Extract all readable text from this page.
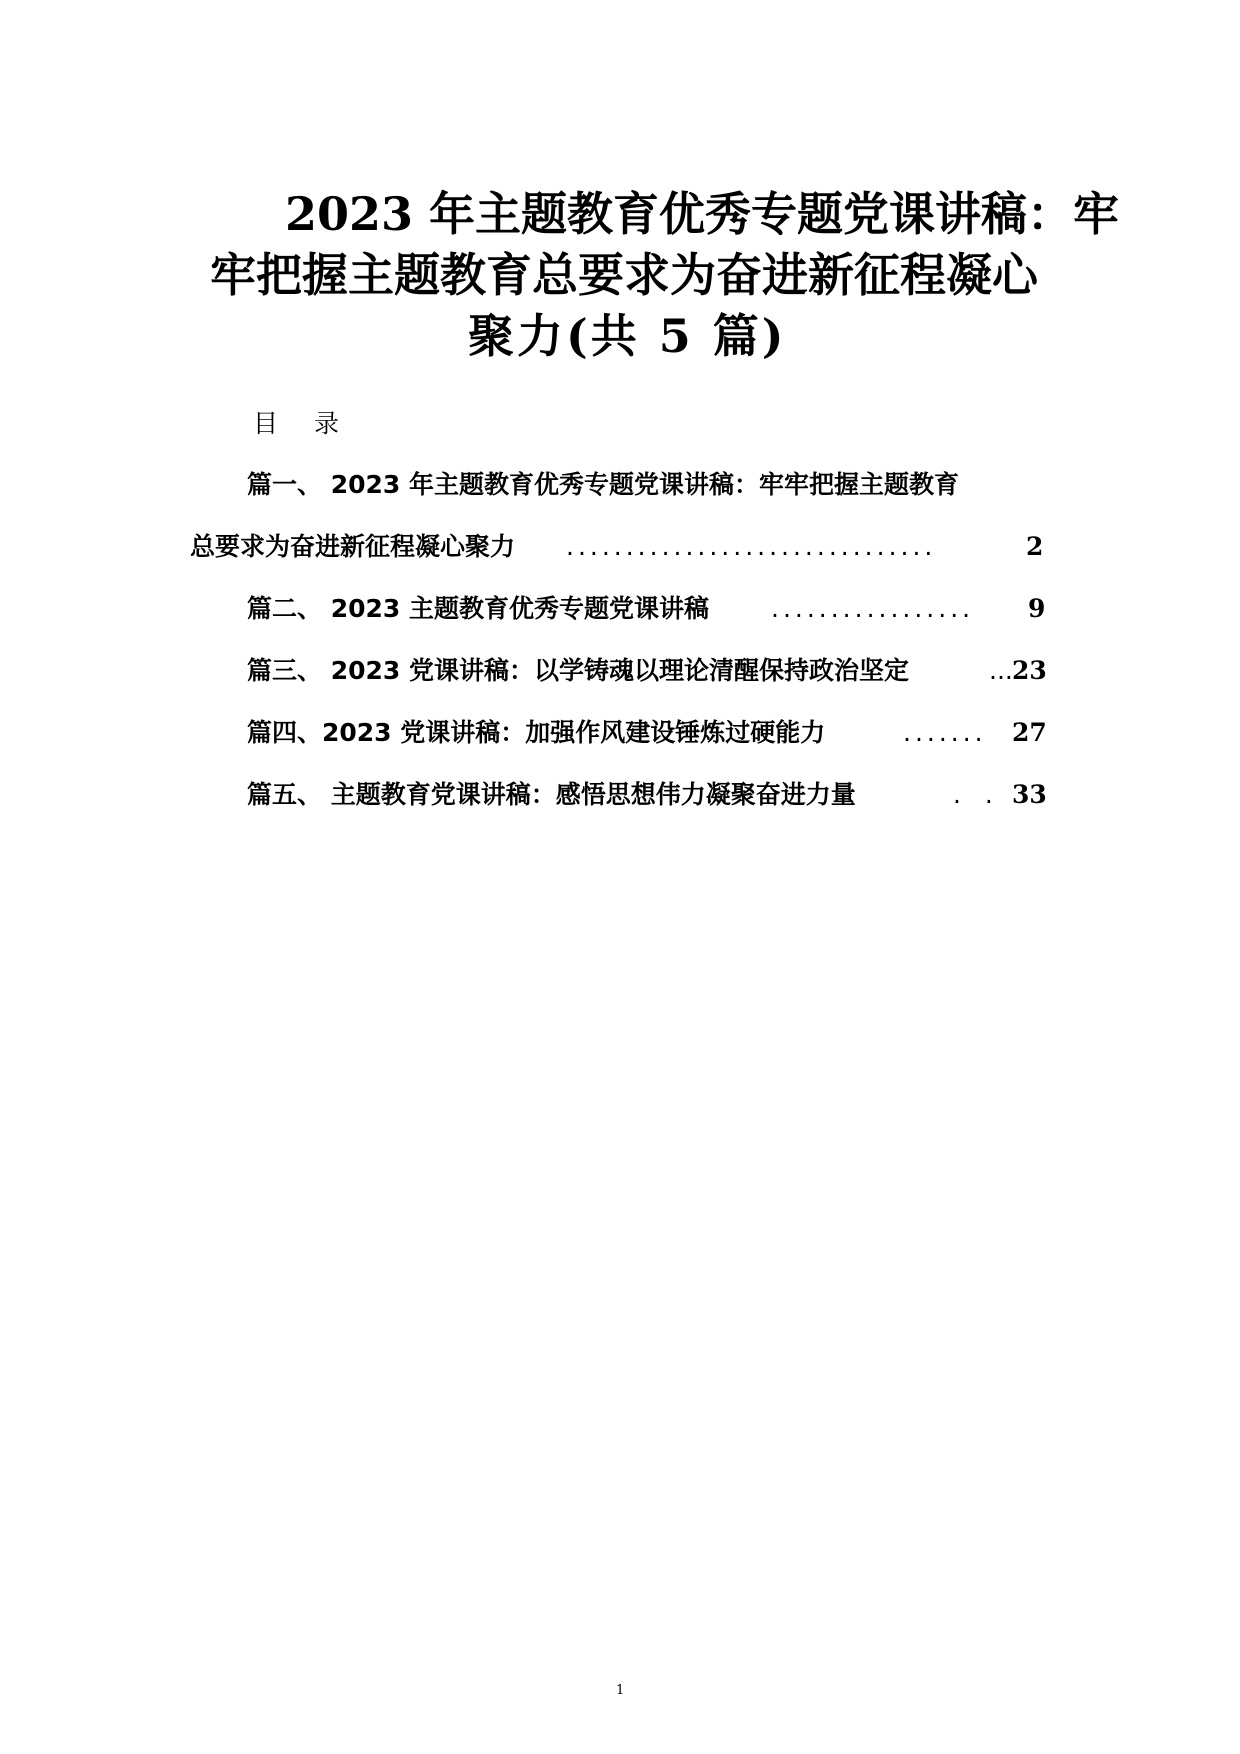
2023 年主题教育优秀专题党课讲稿：牢
牢把握主题教育总要求为奋进新征程凝心
聚力(共 5 篇)
目 录
篇一、 2023 年主题教育优秀专题党课讲稿：牢牢把握主题教育
总要求为奋进新征程凝心聚力 ...............................	2
篇二、 2023 主题教育优秀专题党课讲稿 ................. 9
篇三、 2023 党课讲稿：以学铸魂以理论清醒保持政治坚定	... 23
篇四、2023 党课讲稿：加强作风建设锤炼过硬能力	....... 27
篇五、 主题教育党课讲稿：感悟思想伟力凝聚奋进力量	. . 33
1
